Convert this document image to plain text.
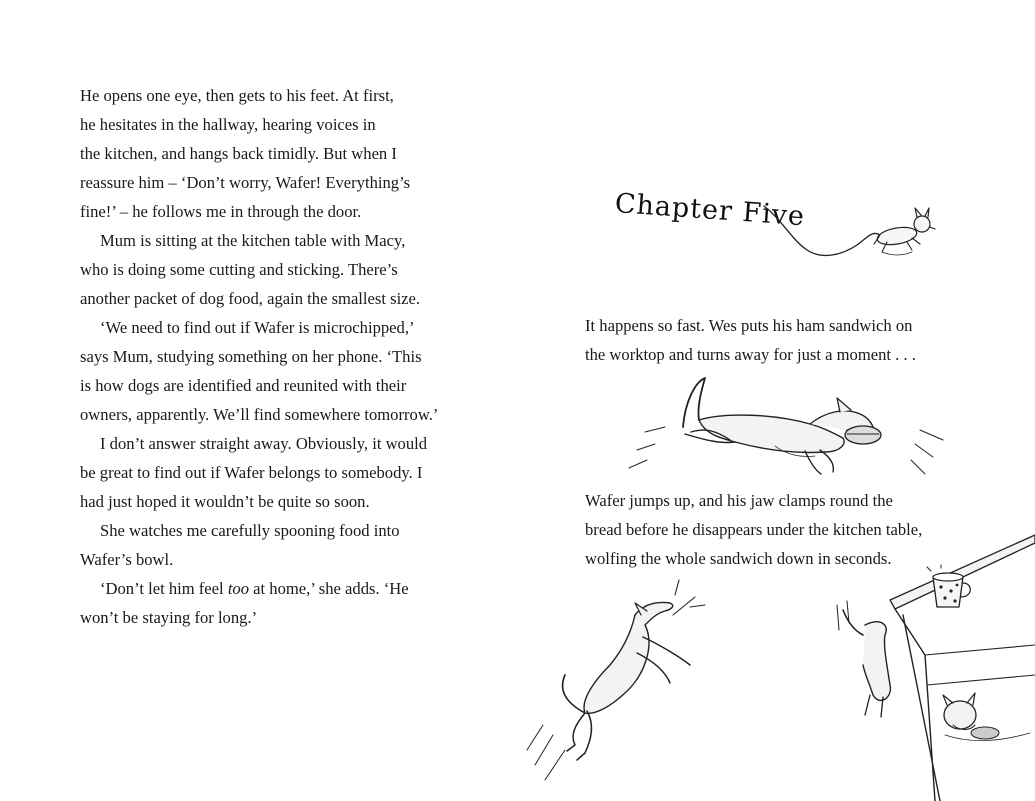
He opens one eye, then gets to his feet. At first,
he hesitates in the hallway, hearing voices in
the kitchen, and hangs back timidly. But when I
reassure him – ‘Don’t worry, Wafer! Everything’s
fine!’ – he follows me in through the door.
Mum is sitting at the kitchen table with Macy,
who is doing some cutting and sticking. There’s
another packet of dog food, again the smallest size.
‘We need to find out if Wafer is microchipped,’
says Mum, studying something on her phone. ‘This
is how dogs are identified and reunited with their
owners, apparently. We’ll find somewhere tomorrow.’
I don’t answer straight away. Obviously, it would
be great to find out if Wafer belongs to somebody. I
had just hoped it wouldn’t be quite so soon.
She watches me carefully spooning food into
Wafer’s bowl.
‘Don’t let him feel too at home,’ she adds. ‘He
won’t be staying for long.’
Chapter Five
It happens so fast. Wes puts his ham sandwich on
the worktop and turns away for just a moment . . .
Wafer jumps up, and his jaw clamps round the
bread before he disappears under the kitchen table,
wolfing the whole sandwich down in seconds.
